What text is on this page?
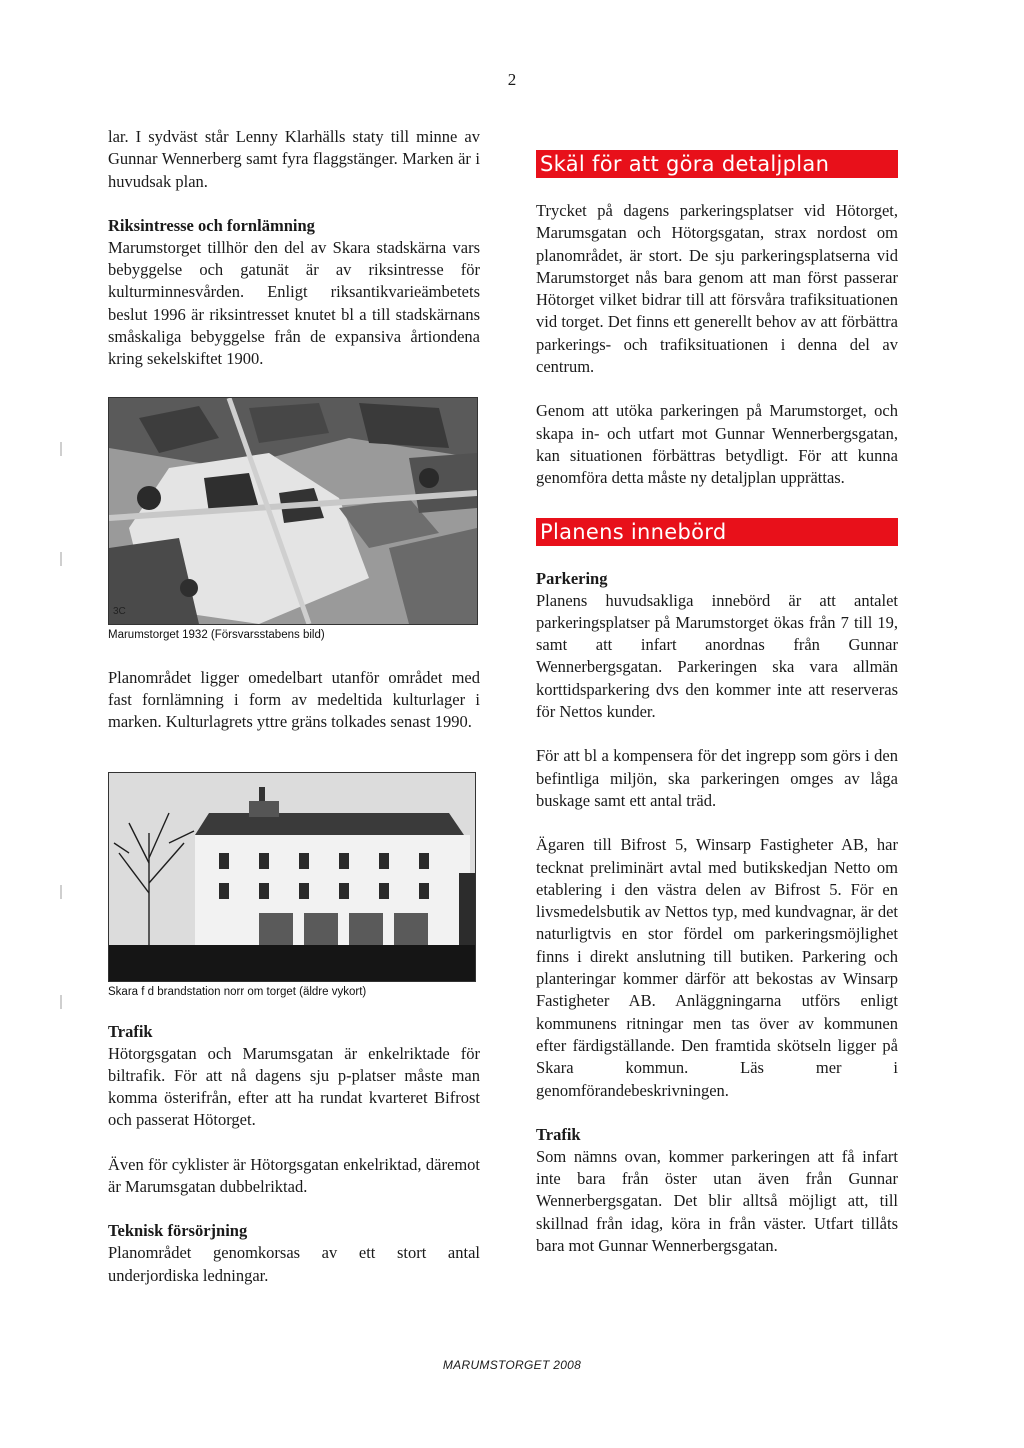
2

lar. I sydväst står Lenny Klarhälls staty till minne av Gunnar Wennerberg samt fyra flaggstänger. Marken är i huvudsak plan.

Riksintresse och fornlämning

Marumstorget tillhör den del av Skara stadskärna vars bebyggelse och gatunät är av riksintresse för kulturminnesvården. Enligt riksantikvarieämbetets beslut 1996 är riksintresset knutet bl a till stadskärnans småskaliga bebyggelse från de expansiva årtiondena kring sekelskiftet 1900.

3C
Marumstorget 1932 (Försvarsstabens bild)

Planområdet ligger omedelbart utanför området med fast fornlämning i form av medeltida kulturlager i marken. Kulturlagrets yttre gräns tolkades senast 1990.

Skara f d brandstation norr om torget (äldre vykort)
Trafik

Hötorgsgatan och Marumsgatan är enkelriktade för biltrafik. För att nå dagens sju p-platser måste man komma österifrån, efter att ha rundat kvarteret Bifrost och passerat Hötorget.

Även för cyklister är Hötorgsgatan enkelriktad, däremot är Marumsgatan dubbelriktad.

Teknisk försörjning

Planområdet genomkorsas av ett stort antal underjordiska ledningar.

Skäl för att göra detaljplan

Trycket på dagens parkeringsplatser vid Hötorget, Marumsgatan och Hötorgsgatan, strax nordost om planområdet, är stort. De sju parkeringsplatserna vid Marumstorget nås bara genom att man först passerar Hötorget vilket bidrar till att försvåra trafiksituationen vid torget. Det finns ett generellt behov av att förbättra parkerings- och trafiksituationen i denna del av centrum.

Genom att utöka parkeringen på Marumstorget, och skapa in- och utfart mot Gunnar Wennerbergsgatan, kan situationen förbättras betydligt. För att kunna genomföra detta måste ny detaljplan upprättas.

Planens innebörd
Parkering

Planens huvudsakliga innebörd är att antalet parkeringsplatser på Marumstorget ökas från 7 till 19, samt att infart anordnas från Gunnar Wennerbergsgatan. Parkeringen ska vara allmän korttidsparkering dvs den kommer inte att reserveras för Nettos kunder.

För att bl a kompensera för det ingrepp som görs i den befintliga miljön, ska parkeringen omges av låga buskage samt ett antal träd.

Ägaren till Bifrost 5, Winsarp Fastigheter AB, har tecknat preliminärt avtal med butikskedjan Netto om etablering i den västra delen av Bifrost 5. För en livsmedelsbutik av Nettos typ, med kundvagnar, är det naturligtvis en stor fördel om parkeringsmöjlighet finns i direkt anslutning till butiken. Parkering och planteringar kommer därför att bekostas av Winsarp Fastigheter AB. Anläggningarna utförs enligt kommunens ritningar men tas över av kommunen efter färdigställande. Den framtida skötseln ligger på Skara kommun. Läs mer i genomförandebeskrivningen.

Trafik

Som nämns ovan, kommer parkeringen att få infart inte bara från öster utan även från Gunnar Wennerbergsgatan. Det blir alltså möjligt att, till skillnad från idag, köra in från väster. Utfart tillåts bara mot Gunnar Wennerbergsgatan.

MARUMSTORGET 2008
